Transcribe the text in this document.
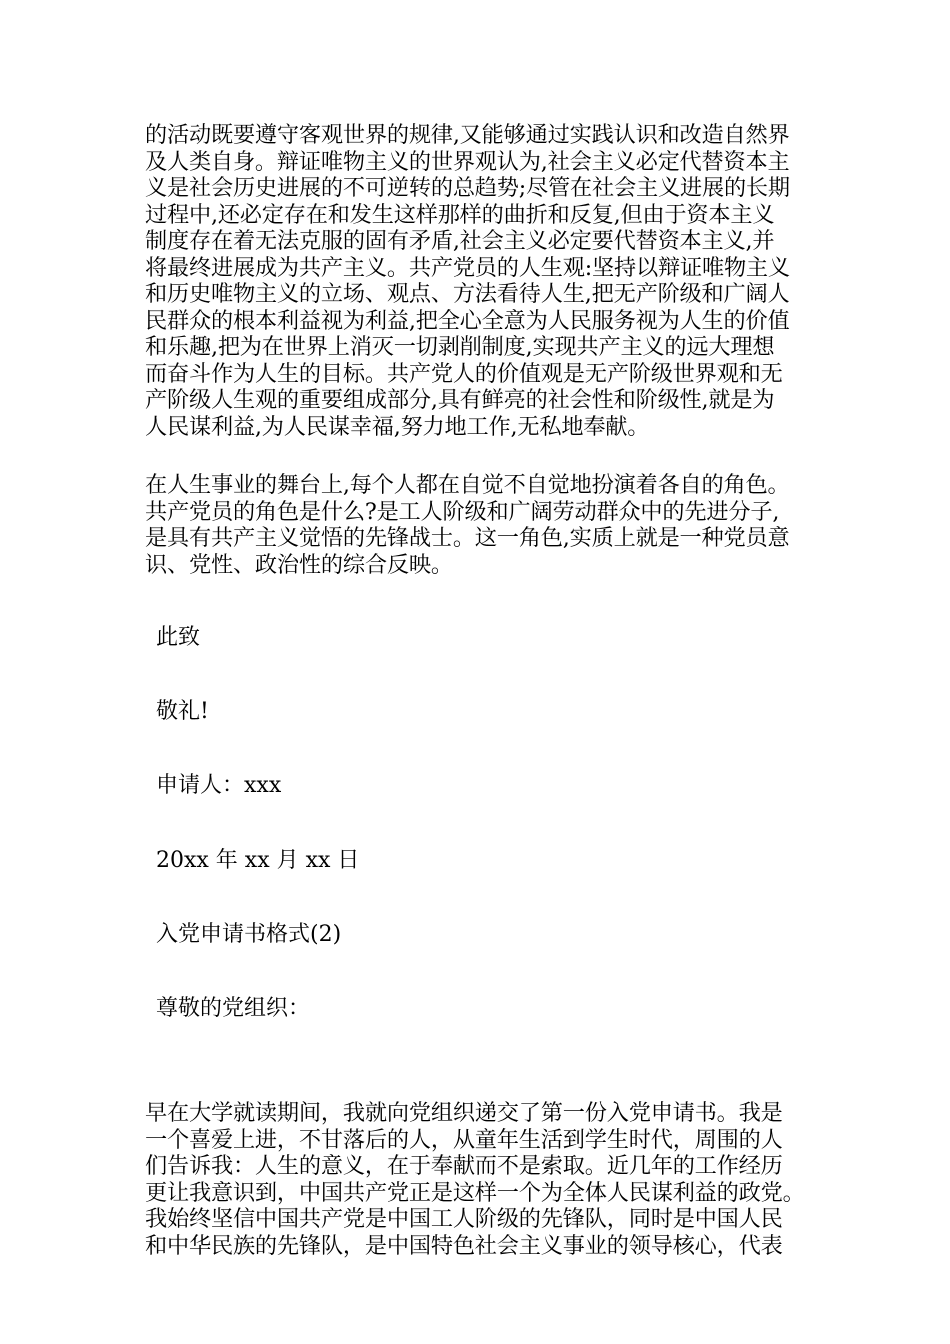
的活动既要遵守客观世界的规律,又能够通过实践认识和改造自然界
及人类自身。辩证唯物主义的世界观认为,社会主义必定代替资本主
义是社会历史进展的不可逆转的总趋势;尽管在社会主义进展的长期
过程中,还必定存在和发生这样那样的曲折和反复,但由于资本主义
制度存在着无法克服的固有矛盾,社会主义必定要代替资本主义,并
将最终进展成为共产主义。共产党员的人生观:坚持以辩证唯物主义
和历史唯物主义的立场、观点、方法看待人生,把无产阶级和广阔人
民群众的根本利益视为利益,把全心全意为人民服务视为人生的价值
和乐趣,把为在世界上消灭一切剥削制度,实现共产主义的远大理想
而奋斗作为人生的目标。共产党人的价值观是无产阶级世界观和无
产阶级人生观的重要组成部分,具有鲜亮的社会性和阶级性,就是为
人民谋利益,为人民谋幸福,努力地工作,无私地奉献。
在人生事业的舞台上,每个人都在自觉不自觉地扮演着各自的角色。
共产党员的角色是什么?是工人阶级和广阔劳动群众中的先进分子,
是具有共产主义觉悟的先锋战士。这一角色,实质上就是一种党员意
识、党性、政治性的综合反映。

此致

敬礼!

申请人：xxx

20xx 年 xx 月 xx 日

入党申请书格式(2)

尊敬的党组织：

早在大学就读期间，我就向党组织递交了第一份入党申请书。我是
一个喜爱上进，不甘落后的人，从童年生活到学生时代，周围的人
们告诉我：人生的意义，在于奉献而不是索取。近几年的工作经历
更让我意识到，中国共产党正是这样一个为全体人民谋利益的政党。
我始终坚信中国共产党是中国工人阶级的先锋队，同时是中国人民
和中华民族的先锋队，是中国特色社会主义事业的领导核心，代表
